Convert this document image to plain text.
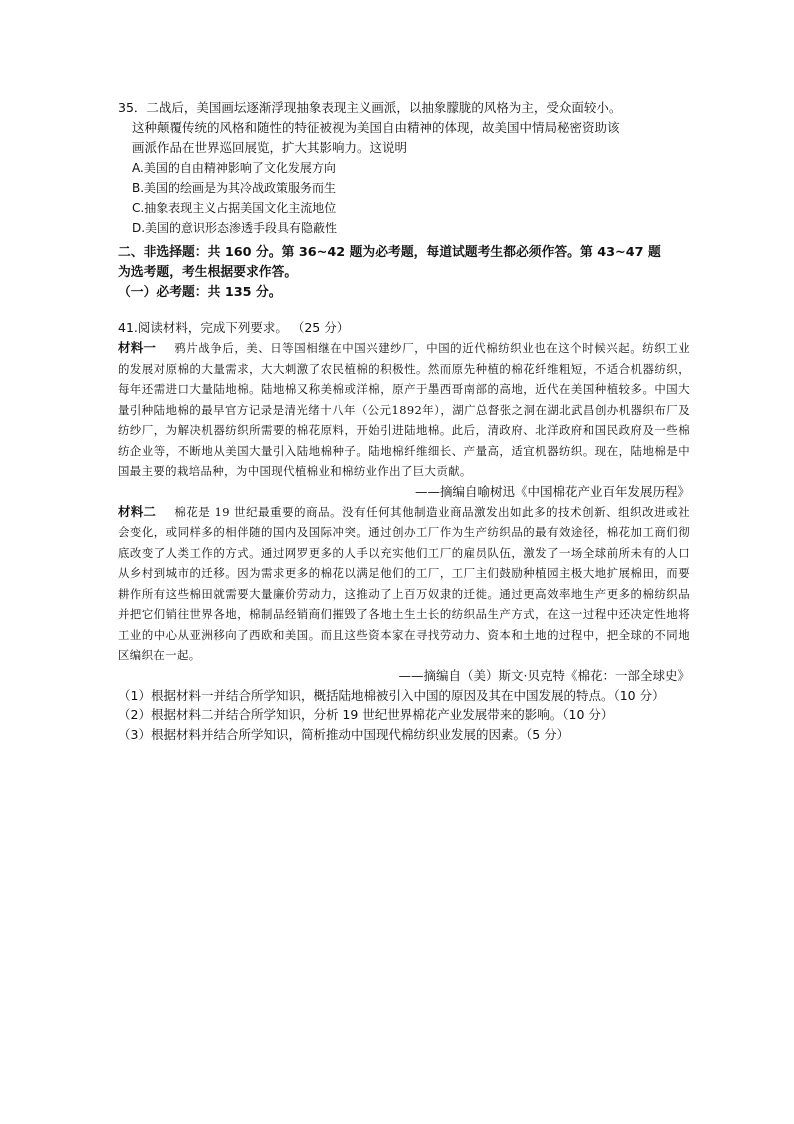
35．二战后，美国画坛逐渐浮现抽象表现主义画派，以抽象朦胧的风格为主，受众面较小。
这种颠覆传统的风格和随性的特征被视为美国自由精神的体现，故美国中情局秘密资助该
画派作品在世界巡回展览，扩大其影响力。这说明
A.美国的自由精神影响了文化发展方向
B.美国的绘画是为其冷战政策服务而生
C.抽象表现主义占据美国文化主流地位
D.美国的意识形态渗透手段具有隐蔽性
二、非选择题：共 160 分。第 36~42 题为必考题，每道试题考生都必须作答。第 43~47 题
为选考题，考生根据要求作答。
（一）必考题：共 135 分。
41.阅读材料，完成下列要求。 （25 分）
材料一 鸦片战争后，美、日等国相继在中国兴建纱厂，中国的近代棉纺织业也在这个时候兴起。纺织工业的发展对原棉的大量需求，大大刺激了农民植棉的积极性。然而原先种植的棉花纤维粗短，不适合机器纺织，每年还需进口大量陆地棉。陆地棉又称美棉或洋棉，原产于墨西哥南部的高地，近代在美国种植较多。中国大量引种陆地棉的最早官方记录是清光绪十八年（公元1892年），湖广总督张之洞在湖北武昌创办机器织布厂及纺纱厂，为解决机器纺织所需要的棉花原料，开始引进陆地棉。此后，清政府、北洋政府和国民政府及一些棉纺企业等，不断地从美国大量引入陆地棉种子。陆地棉纤维细长、产量高，适宜机器纺织。现在，陆地棉是中国最主要的栽培品种，为中国现代植棉业和棉纺业作出了巨大贡献。
——摘编自喻树迅《中国棉花产业百年发展历程》
材料二 棉花是 19 世纪最重要的商品。没有任何其他制造业商品激发出如此多的技术创新、组织改进或社会变化，或同样多的相伴随的国内及国际冲突。通过创办工厂作为生产纺织品的最有效途径，棉花加工商们彻底改变了人类工作的方式。通过网罗更多的人手以充实他们工厂的雇员队伍，激发了一场全球前所未有的人口从乡村到城市的迁移。因为需求更多的棉花以满足他们的工厂，工厂主们鼓励种植园主极大地扩展棉田，而要耕作所有这些棉田就需要大量廉价劳动力，这推动了上百万奴隶的迁徙。通过更高效率地生产更多的棉纺织品并把它们销往世界各地，棉制品经销商们摧毁了各地土生土长的纺织品生产方式，在这一过程中还决定性地将工业的中心从亚洲移向了西欧和美国。而且这些资本家在寻找劳动力、资本和土地的过程中，把全球的不同地区编织在一起。
——摘编自（美）斯文·贝克特《棉花：一部全球史》
（1）根据材料一并结合所学知识，概括陆地棉被引入中国的原因及其在中国发展的特点。（10 分）
（2）根据材料二并结合所学知识，分析 19 世纪世界棉花产业发展带来的影响。（10 分）
（3）根据材料并结合所学知识，简析推动中国现代棉纺织业发展的因素。（5 分）
